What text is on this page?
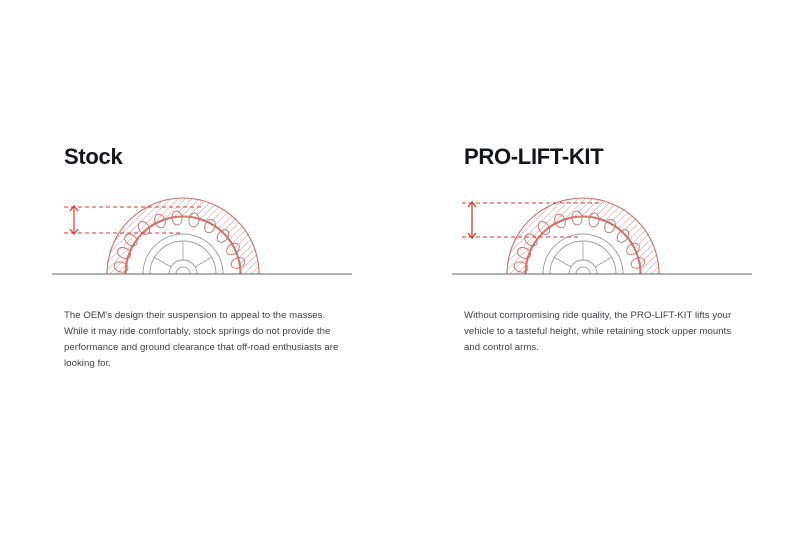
Stock
The OEM's design their suspension to appeal to the masses. While it may ride comfortably, stock springs do not provide the performance and ground clearance that off-road enthusiasts are looking for.
PRO-LIFT-KIT
Without compromising ride quality, the PRO-LIFT-KIT lifts your vehicle to a tasteful height, while retaining stock upper mounts and control arms.
